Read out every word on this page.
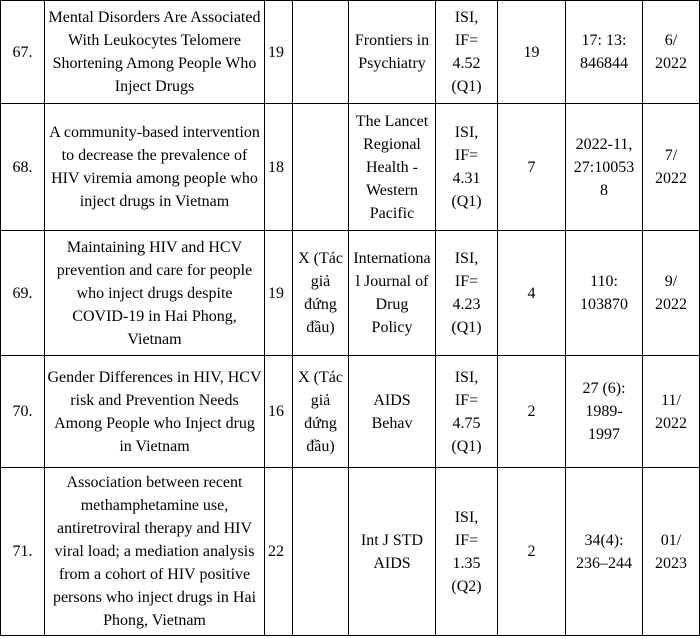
67.	Mental Disorders Are Associated With Leukocytes Telomere Shortening Among People Who Inject Drugs	19		Frontiers in Psychiatry	ISI,
IF=
4.52
(Q1)	19	17: 13:
846844	6/
2022

68.	A community-based intervention to decrease the prevalence of HIV viremia among people who inject drugs in Vietnam	18		The Lancet Regional Health - Western Pacific	ISI,
IF=
4.31
(Q1)	7	2022-11,
27:10053
8	7/
2022

69.	Maintaining HIV and HCV prevention and care for people who inject drugs despite COVID-19 in Hai Phong, Vietnam	19	X (Tác
giả
đứng
đầu)	Internationa
l Journal of
Drug
Policy	ISI,
IF=
4.23
(Q1)	4	110:
103870	9/
2022

70.	Gender Differences in HIV, HCV risk and Prevention Needs Among People who Inject drug in Vietnam	16	X (Tác
giả
đứng
đầu)	AIDS
Behav	ISI,
IF=
4.75
(Q1)	2	27 (6):
1989-
1997	11/
2022

71.	Association between recent methamphetamine use, antiretroviral therapy and HIV viral load; a mediation analysis from a cohort of HIV positive persons who inject drugs in Hai Phong, Vietnam	22		Int J STD
AIDS	ISI,
IF=
1.35
(Q2)	2	34(4):
236–244	01/
2023
